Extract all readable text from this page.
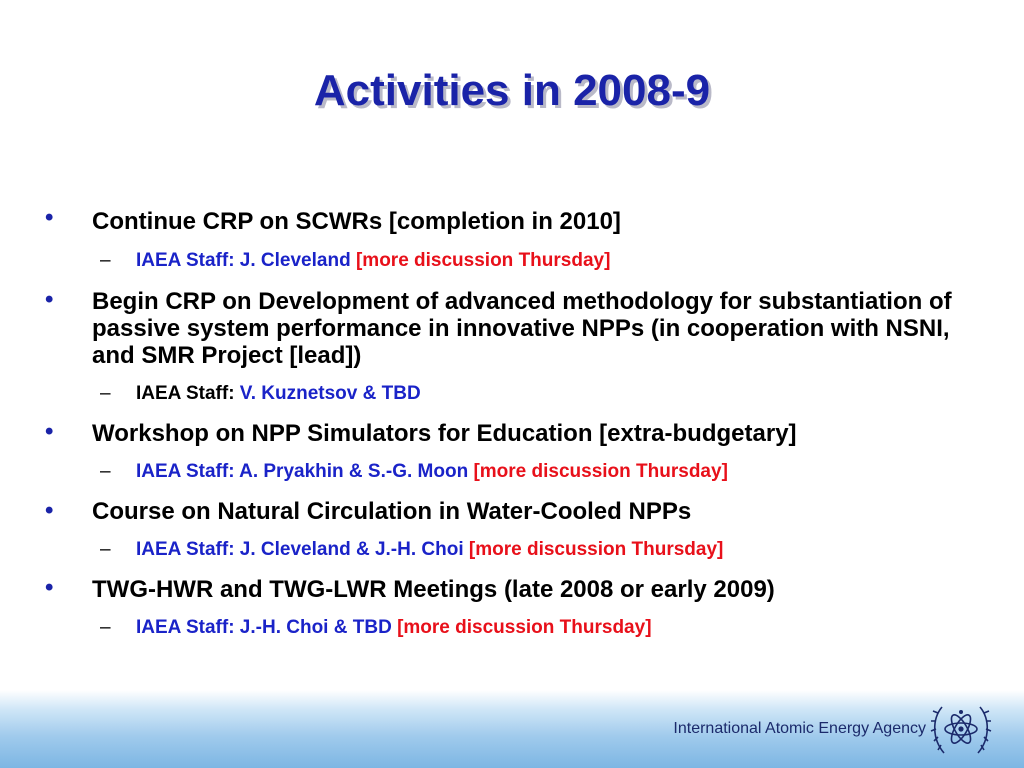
Activities in 2008-9
• Continue CRP on SCWRs [completion in 2010]
– IAEA Staff: J. Cleveland [more discussion Thursday]
• Begin CRP on Development of advanced methodology for substantiation of passive system performance in innovative NPPs (in cooperation with NSNI, and SMR Project [lead])
– IAEA Staff: V. Kuznetsov & TBD
• Workshop on NPP Simulators for Education [extra-budgetary]
– IAEA Staff: A. Pryakhin & S.-G. Moon [more discussion Thursday]
• Course on Natural Circulation in Water-Cooled NPPs
– IAEA Staff: J. Cleveland & J.-H. Choi [more discussion Thursday]
• TWG-HWR and TWG-LWR Meetings (late 2008 or early 2009)
– IAEA Staff: J.-H. Choi & TBD [more discussion Thursday]
International Atomic Energy Agency
